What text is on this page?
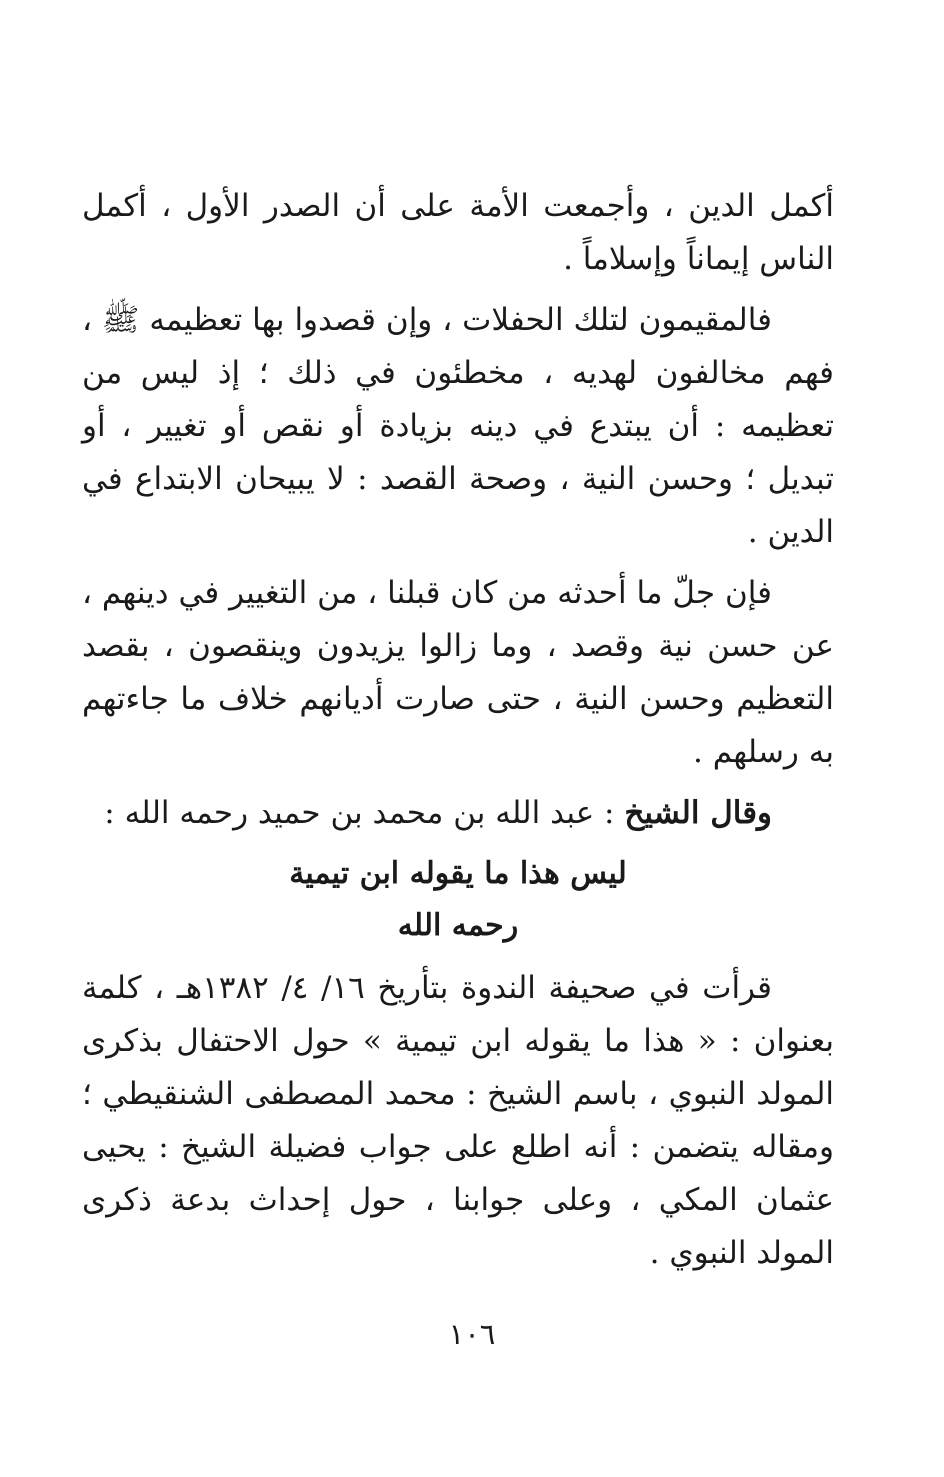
أكمل الدين ، وأجمعت الأمة على أن الصدر الأول ، أكمل الناس إيماناً وإسلاماً .

فالمقيمون لتلك الحفلات ، وإن قصدوا بها تعظيمه ﷺ ، فهم مخالفون لهديه ، مخطئون في ذلك ؛ إذ ليس من تعظيمه : أن يبتدع في دينه بزيادة أو نقص أو تغيير ، أو تبديل ؛ وحسن النية ، وصحة القصد : لا يبيحان الابتداع في الدين .

فإن جلّ ما أحدثه من كان قبلنا ، من التغيير في دينهم ، عن حسن نية وقصد ، وما زالوا يزيدون وينقصون ، بقصد التعظيم وحسن النية ، حتى صارت أديانهم خلاف ما جاءتهم به رسلهم .

وقال الشيخ : عبد الله بن محمد بن حميد رحمه الله :

ليس هذا ما يقوله ابن تيمية

رحمه الله

قرأت في صحيفة الندوة بتأريخ ١٦/ ٤/ ١٣٨٢هـ ، كلمة بعنوان : « هذا ما يقوله ابن تيمية » حول الاحتفال بذكرى المولد النبوي ، باسم الشيخ : محمد المصطفى الشنقيطي ؛ ومقاله يتضمن : أنه اطلع على جواب فضيلة الشيخ : يحيى عثمان المكي ، وعلى جوابنا ، حول إحداث بدعة ذكرى المولد النبوي .

١٠٦
